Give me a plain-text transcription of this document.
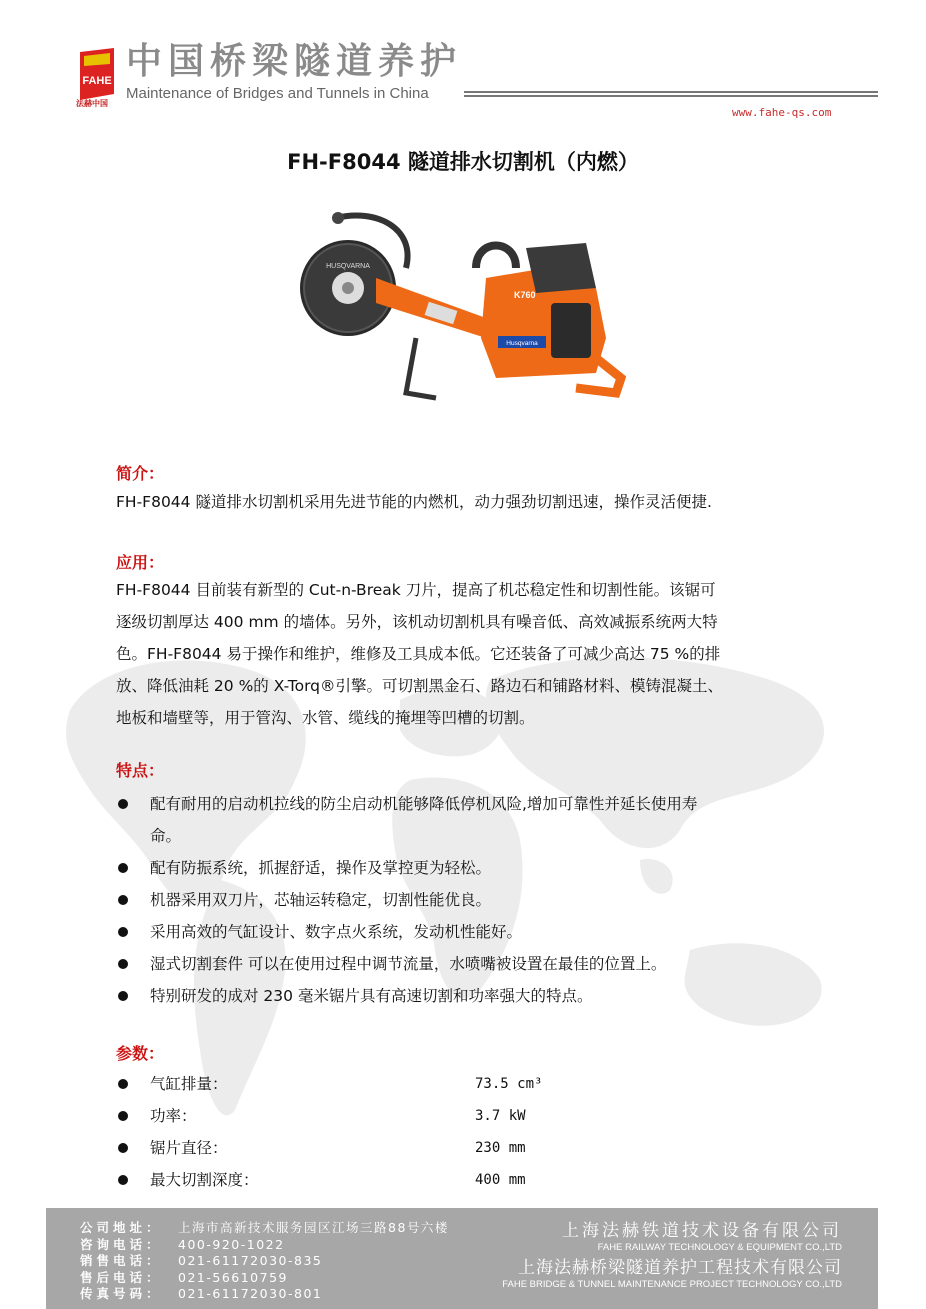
FAHE
法赫中国
中国桥梁隧道养护
Maintenance of Bridges and Tunnels in China
www.fahe-qs.com
FH-F8044 隧道排水切割机（内燃）
HUSQVARNA
K760
Husqvarna

简介：

FH-F8044 隧道排水切割机采用先进节能的内燃机，动力强劲切割迅速，操作灵活便捷.

应用：

FH-F8044 目前装有新型的 Cut-n-Break 刀片，提高了机芯稳定性和切割性能。该锯可
逐级切割厚达 400 mm 的墙体。另外，该机动切割机具有噪音低、高效减振系统两大特
色。FH-F8044 易于操作和维护，维修及工具成本低。它还装备了可减少高达 75 %的排
放、降低油耗 20 %的 X-Torq®引擎。可切割黑金石、路边石和铺路材料、模铸混凝土、
地板和墙壁等，用于管沟、水管、缆线的掩埋等凹槽的切割。

特点：

配有耐用的启动机拉线的防尘启动机能够降低停机风险,增加可靠性并延长使用寿
命。
配有防振系统，抓握舒适，操作及掌控更为轻松。
机器采用双刀片，芯轴运转稳定，切割性能优良。
采用高效的气缸设计、数字点火系统，发动机性能好。
湿式切割套件 可以在使用过程中调节流量，水喷嘴被设置在最佳的位置上。
特别研发的成对 230 毫米锯片具有高速切割和功率强大的特点。

参数：

气缸排量：	73.5 cm³
功率：	3.7 kW
锯片直径：	230 mm
最大切割深度：	400 mm
公司地址： 上海市高新技术服务园区江场三路88号六楼
咨询电话： 400-920-1022
销售电话： 021-61172030-835
售后电话： 021-56610759
传真号码： 021-61172030-801
上海法赫铁道技术设备有限公司
FAHE RAILWAY TECHNOLOGY & EQUIPMENT CO.,LTD
上海法赫桥梁隧道养护工程技术有限公司
FAHE BRIDGE & TUNNEL MAINTENANCE PROJECT TECHNOLOGY CO.,LTD
